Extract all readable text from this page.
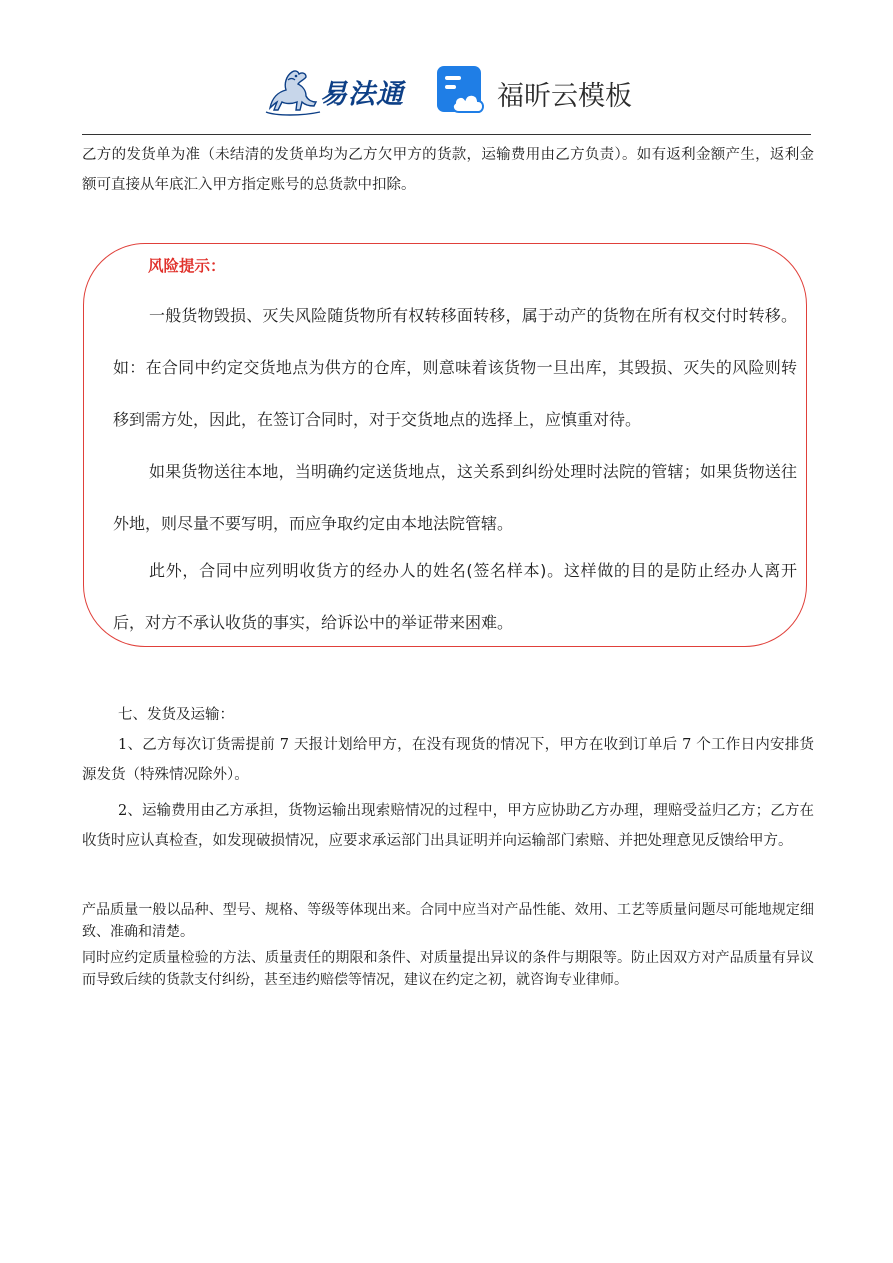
易法通	福昕云模板

乙方的发货单为准（未结清的发货单均为乙方欠甲方的货款，运输费用由乙方负责）。如有返利金额产生，返利金额可直接从年底汇入甲方指定账号的总货款中扣除。

风险提示：

一般货物毁损、灭失风险随货物所有权转移面转移，属于动产的货物在所有权交付时转移。如：在合同中约定交货地点为供方的仓库，则意味着该货物一旦出库，其毁损、灭失的风险则转移到需方处，因此，在签订合同时，对于交货地点的选择上，应慎重对待。

如果货物送往本地，当明确约定送货地点，这关系到纠纷处理时法院的管辖；如果货物送往外地，则尽量不要写明，而应争取约定由本地法院管辖。

此外，合同中应列明收货方的经办人的姓名(签名样本)。这样做的目的是防止经办人离开后，对方不承认收货的事实，给诉讼中的举证带来困难。

七、发货及运输：

1、乙方每次订货需提前 7 天报计划给甲方，在没有现货的情况下，甲方在收到订单后 7 个工作日内安排货源发货（特殊情况除外）。

2、运输费用由乙方承担，货物运输出现索赔情况的过程中，甲方应协助乙方办理，理赔受益归乙方；乙方在收货时应认真检查，如发现破损情况，应要求承运部门出具证明并向运输部门索赔、并把处理意见反馈给甲方。

产品质量一般以品种、型号、规格、等级等体现出来。合同中应当对产品性能、效用、工艺等质量问题尽可能地规定细致、准确和清楚。

同时应约定质量检验的方法、质量责任的期限和条件、对质量提出异议的条件与期限等。防止因双方对产品质量有异议而导致后续的货款支付纠纷，甚至违约赔偿等情况，建议在约定之初，就咨询专业律师。
